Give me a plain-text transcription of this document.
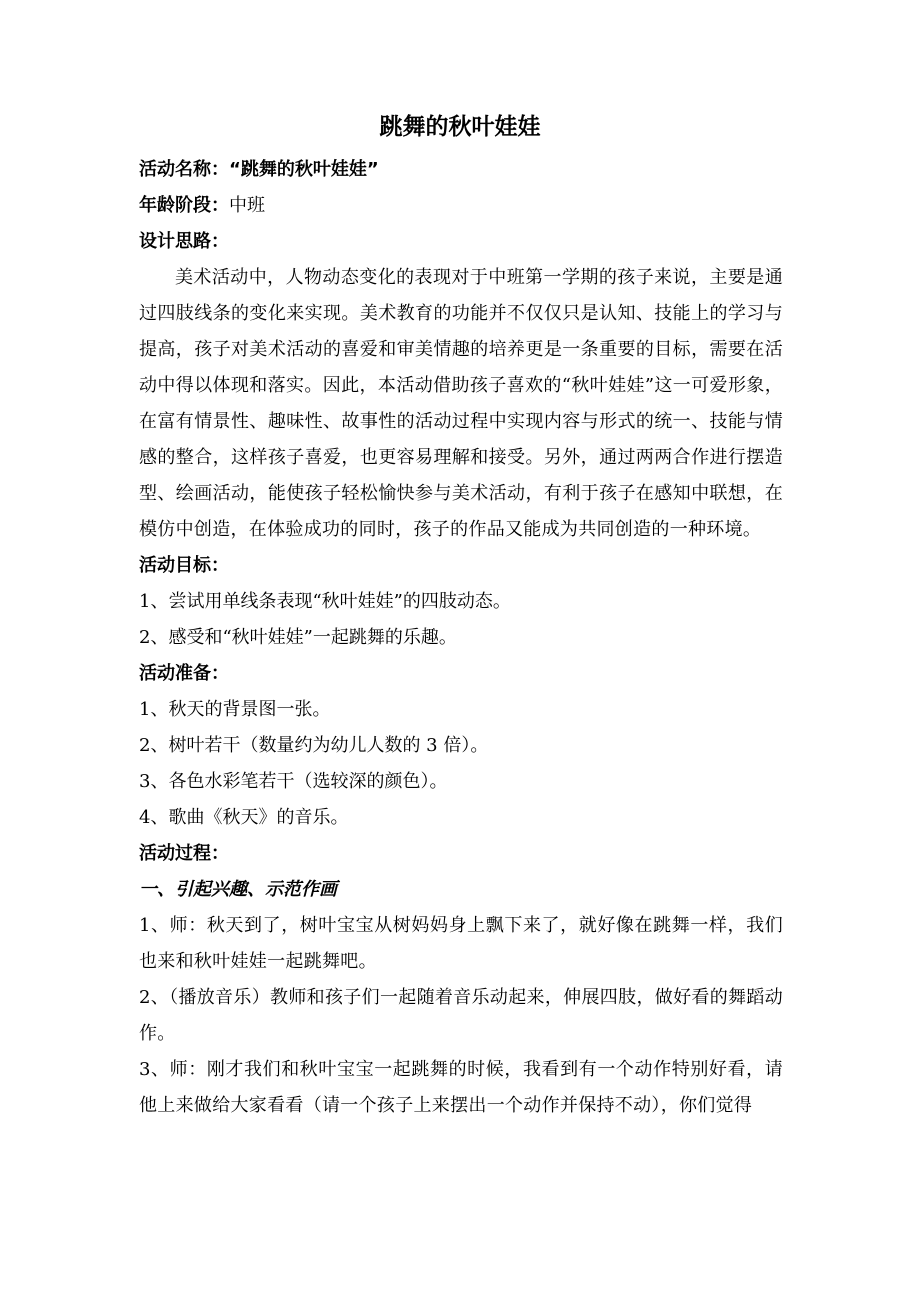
跳舞的秋叶娃娃
活动名称：“跳舞的秋叶娃娃”
年龄阶段：中班
设计思路：
美术活动中，人物动态变化的表现对于中班第一学期的孩子来说，主要是通过四肢线条的变化来实现。美术教育的功能并不仅仅只是认知、技能上的学习与提高，孩子对美术活动的喜爱和审美情趣的培养更是一条重要的目标，需要在活动中得以体现和落实。因此，本活动借助孩子喜欢的“秋叶娃娃”这一可爱形象，在富有情景性、趣味性、故事性的活动过程中实现内容与形式的统一、技能与情感的整合，这样孩子喜爱，也更容易理解和接受。另外，通过两两合作进行摆造型、绘画活动，能使孩子轻松愉快参与美术活动，有利于孩子在感知中联想，在模仿中创造，在体验成功的同时，孩子的作品又能成为共同创造的一种环境。
活动目标：
1、尝试用单线条表现“秋叶娃娃”的四肢动态。
2、感受和“秋叶娃娃”一起跳舞的乐趣。
活动准备：
1、秋天的背景图一张。
2、树叶若干（数量约为幼儿人数的 3 倍）。
3、各色水彩笔若干（选较深的颜色）。
4、歌曲《秋天》的音乐。
活动过程：
一、引起兴趣、示范作画
1、师：秋天到了，树叶宝宝从树妈妈身上飘下来了，就好像在跳舞一样，我们也来和秋叶娃娃一起跳舞吧。
2、（播放音乐）教师和孩子们一起随着音乐动起来，伸展四肢，做好看的舞蹈动作。
3、师：刚才我们和秋叶宝宝一起跳舞的时候，我看到有一个动作特别好看，请他上来做给大家看看（请一个孩子上来摆出一个动作并保持不动），你们觉得
